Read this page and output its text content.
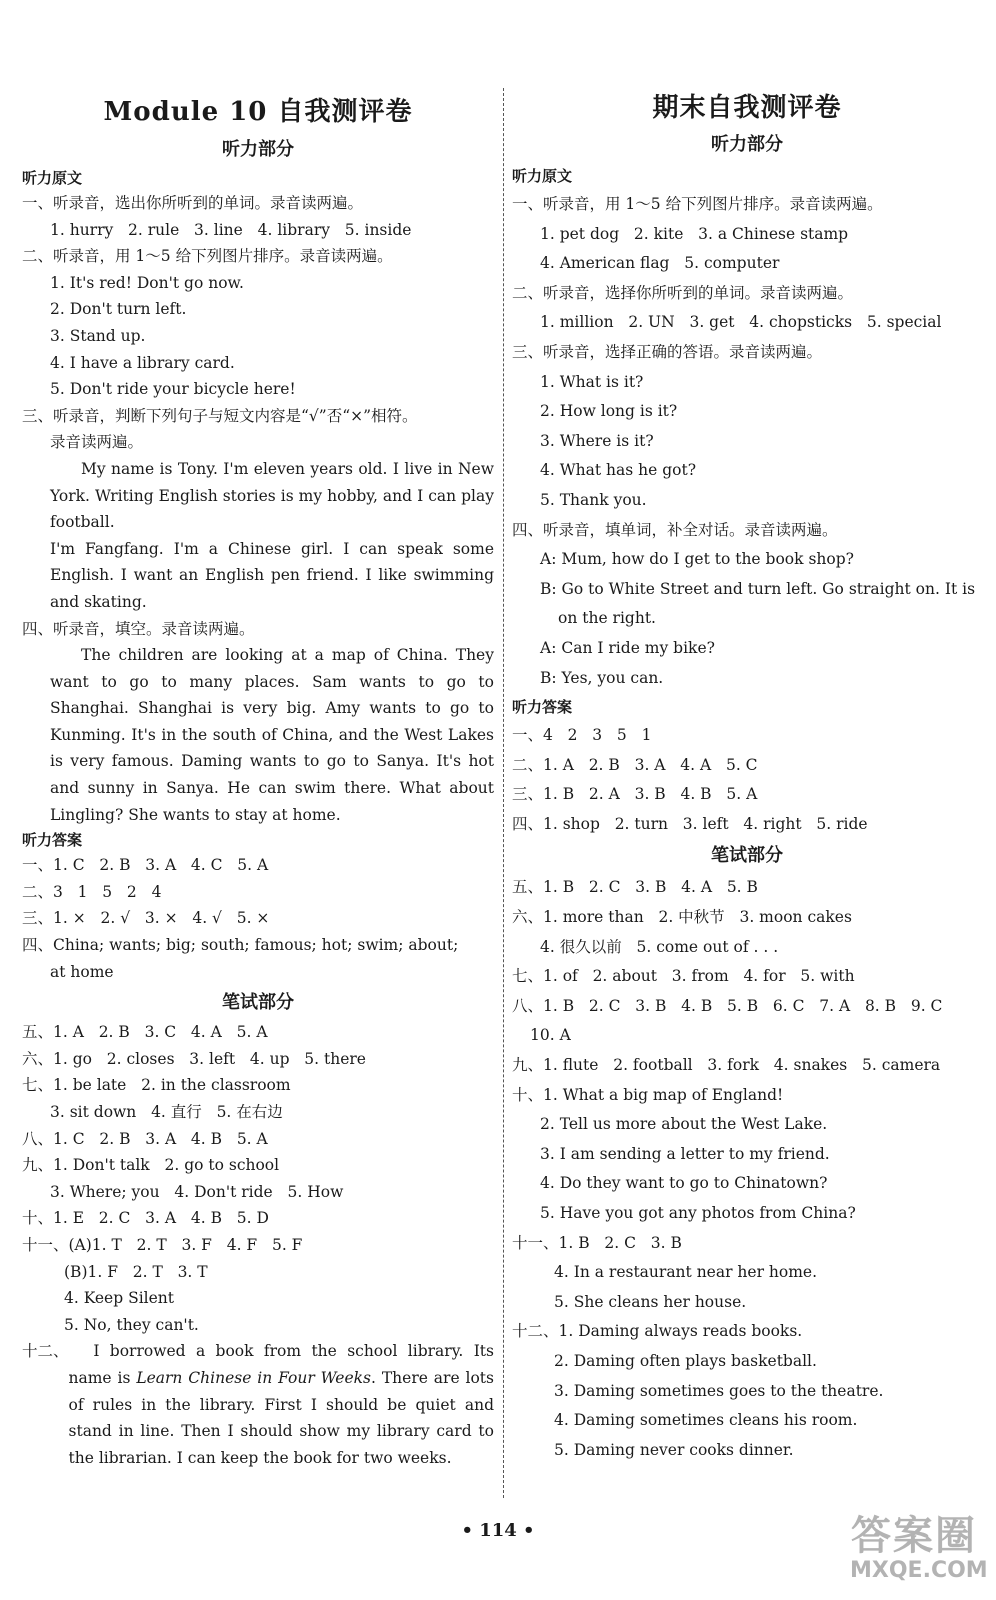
Module 10 自我测评卷
听力部分
听力原文
一、听录音，选出你所听到的单词。录音读两遍。
1. hurry   2. rule   3. line   4. library   5. inside
二、听录音，用 1～5 给下列图片排序。录音读两遍。
1. It's red! Don't go now.
2. Don't turn left.
3. Stand up.
4. I have a library card.
5. Don't ride your bicycle here!
三、听录音，判断下列句子与短文内容是“√”否“×”相符。
录音读两遍。
My name is Tony. I'm eleven years old. I live in New York. Writing English stories is my hobby, and I can play football.
I'm Fangfang. I'm a Chinese girl. I can speak some English. I want an English pen friend. I like swimming and skating.
四、听录音，填空。录音读两遍。
The children are looking at a map of China. They want to go to many places. Sam wants to go to Shanghai. Shanghai is very big. Amy wants to go to Kunming. It's in the south of China, and the West Lakes is very famous. Daming wants to go to Sanya. It's hot and sunny in Sanya. He can swim there. What about Lingling? She wants to stay at home.
听力答案
一、1. C   2. B   3. A   4. C   5. A
二、3   1   5   2   4
三、1. ×   2. √   3. ×   4. √   5. ×
四、China; wants; big; south; famous; hot; swim; about;
at home
笔试部分
五、1. A   2. B   3. C   4. A   5. A
六、1. go   2. closes   3. left   4. up   5. there
七、1. be late   2. in the classroom
3. sit down   4. 直行   5. 在右边
八、1. C   2. B   3. A   4. B   5. A
九、1. Don't talk   2. go to school
3. Where; you   4. Don't ride   5. How
十、1. E   2. C   3. A   4. B   5. D
十一、(A)1. T   2. T   3. F   4. F   5. F
(B)1. F   2. T   3. T
4. Keep Silent
5. No, they can't.
十二、	I borrowed a book from the school library. Its name is Learn Chinese in Four Weeks. There are lots of rules in the library. First I should be quiet and stand in line. Then I should show my library card to the librarian. I can keep the book for two weeks.
期末自我测评卷
听力部分
听力原文
一、听录音，用 1～5 给下列图片排序。录音读两遍。
1. pet dog   2. kite   3. a Chinese stamp
4. American flag   5. computer
二、听录音，选择你所听到的单词。录音读两遍。
1. million   2. UN   3. get   4. chopsticks   5. special
三、听录音，选择正确的答语。录音读两遍。
1. What is it?
2. How long is it?
3. Where is it?
4. What has he got?
5. Thank you.
四、听录音，填单词，补全对话。录音读两遍。
A: Mum, how do I get to the book shop?
B: Go to White Street and turn left. Go straight on. It is
on the right.
A: Can I ride my bike?
B: Yes, you can.
听力答案
一、4   2   3   5   1
二、1. A   2. B   3. A   4. A   5. C
三、1. B   2. A   3. B   4. B   5. A
四、1. shop   2. turn   3. left   4. right   5. ride
笔试部分
五、1. B   2. C   3. B   4. A   5. B
六、1. more than   2. 中秋节   3. moon cakes
4. 很久以前   5. come out of . . .
七、1. of   2. about   3. from   4. for   5. with
八、1. B   2. C   3. B   4. B   5. B   6. C   7. A   8. B   9. C
10. A
九、1. flute   2. football   3. fork   4. snakes   5. camera
十、1. What a big map of England!
2. Tell us more about the West Lake.
3. I am sending a letter to my friend.
4. Do they want to go to Chinatown?
5. Have you got any photos from China?
十一、1. B   2. C   3. B
4. In a restaurant near her home.
5. She cleans her house.
十二、1. Daming always reads books.
2. Daming often plays basketball.
3. Daming sometimes goes to the theatre.
4. Daming sometimes cleans his room.
5. Daming never cooks dinner.
• 114 •	答案圈
MXQE.COM
